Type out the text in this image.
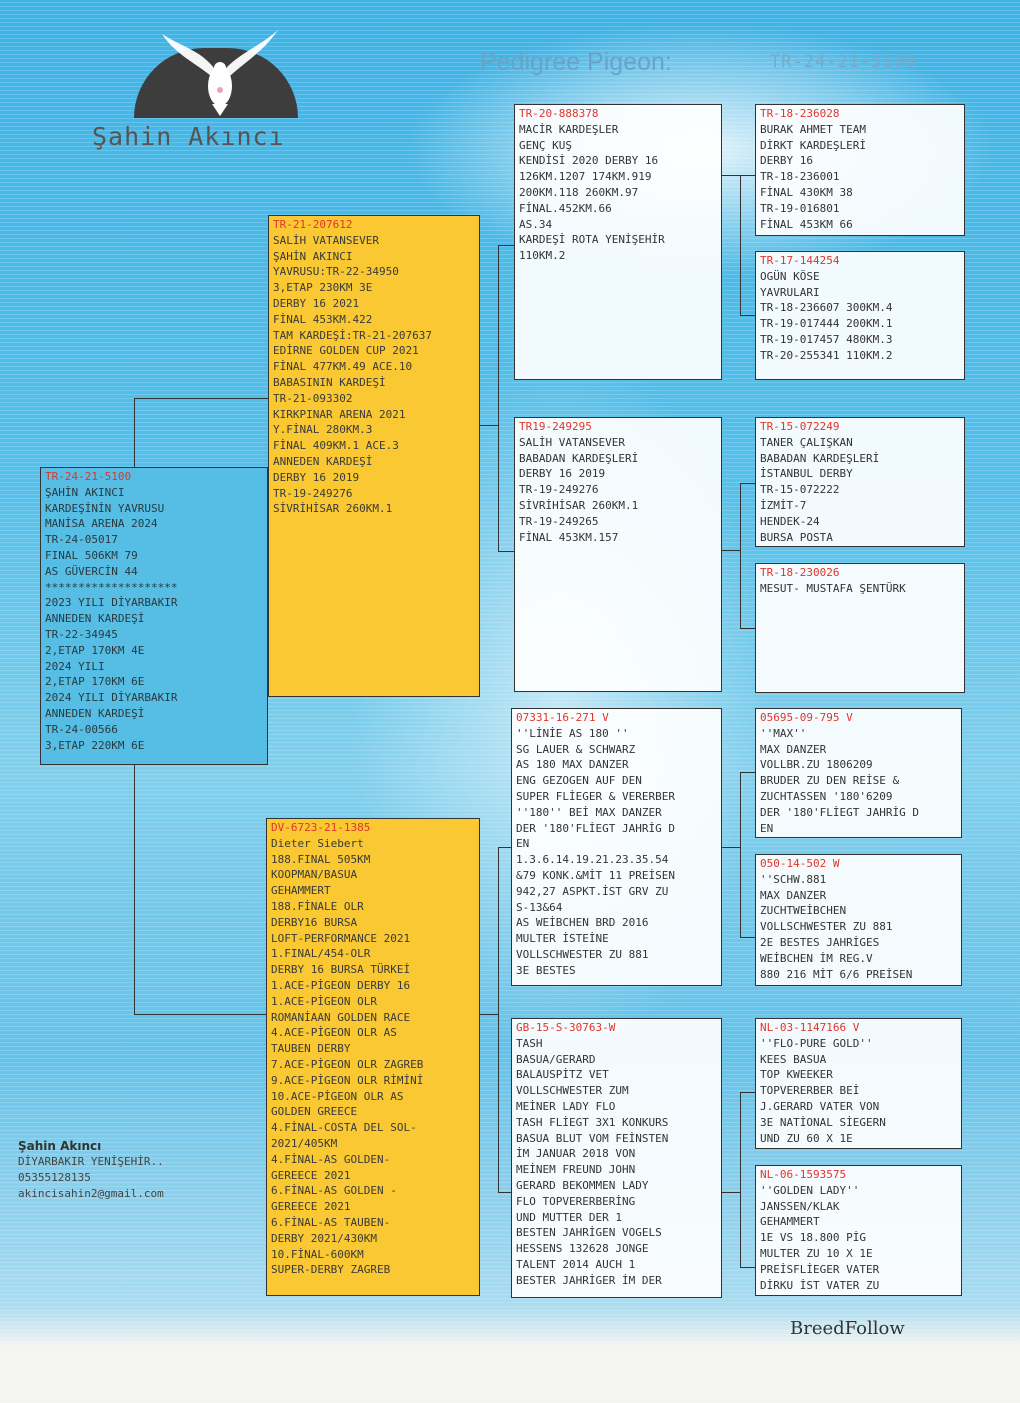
Şahin Akıncı
Pedigree Pigeon:	TR-24-21-5100
TR-24-21-5100
ŞAHİN AKINCI
KARDEŞİNİN YAVRUSU
MANİSA ARENA 2024
TR-24-05017
FINAL 506KM 79
AS GÜVERCİN 44
********************
2023 YILI DİYARBAKIR
ANNEDEN KARDEŞİ
TR-22-34945
2,ETAP 170KM 4E
2024 YILI
2,ETAP 170KM 6E
2024 YILI DİYARBAKIR
ANNEDEN KARDEŞİ
TR-24-00566
3,ETAP 220KM 6E
TR-21-207612
SALİH VATANSEVER
ŞAHİN AKINCI
YAVRUSU:TR-22-34950
3,ETAP 230KM 3E
DERBY 16 2021
FİNAL 453KM.422
TAM KARDEŞİ:TR-21-207637
EDİRNE GOLDEN CUP 2021
FİNAL 477KM.49 ACE.10
BABASININ KARDEŞİ
TR-21-093302
KIRKPINAR ARENA 2021
Y.FİNAL 280KM.3
FİNAL 409KM.1 ACE.3
ANNEDEN KARDEŞİ
DERBY 16 2019
TR-19-249276
SİVRİHİSAR 260KM.1
DV-6723-21-1385
Dieter Siebert
188.FINAL 505KM
KOOPMAN/BASUA
GEHAMMERT
188.FİNALE OLR
DERBY16 BURSA
LOFT-PERFORMANCE 2021
1.FINAL/454-OLR
DERBY 16 BURSA TÜRKEİ
1.ACE-PİGEON DERBY 16
1.ACE-PİGEON OLR
ROMANİAAN GOLDEN RACE
4.ACE-PİGEON OLR AS
TAUBEN DERBY
7.ACE-PİGEON OLR ZAGREB
9.ACE-PİGEON OLR RİMİNİ
10.ACE-PİGEON OLR AS
GOLDEN GREECE
4.FİNAL-COSTA DEL SOL-
2021/405KM
4.FİNAL-AS GOLDEN-
GEREECE 2021
6.FİNAL-AS GOLDEN -
GEREECE 2021
6.FİNAL-AS TAUBEN-
DERBY 2021/430KM
10.FİNAL-600KM
SUPER-DERBY ZAGREB
TR-20-888378
MACİR KARDEŞLER
GENÇ KUŞ
KENDİSİ 2020 DERBY 16
126KM.1207 174KM.919
200KM.118 260KM.97
FİNAL.452KM.66
AS.34
KARDEŞİ ROTA YENİŞEHİR
110KM.2
TR19-249295
SALİH VATANSEVER
BABADAN KARDEŞLERİ
DERBY 16 2019
TR-19-249276
SİVRİHİSAR 260KM.1
TR-19-249265
FİNAL 453KM.157
07331-16-271 V
''LİNİE AS 180 ''
SG LAUER & SCHWARZ
AS 180 MAX DANZER
ENG GEZOGEN AUF DEN
SUPER FLİEGER & VERERBER
''180'' BEİ MAX DANZER
DER '180'FLİEGT JAHRİG D
EN
1.3.6.14.19.21.23.35.54
&79 KONK.&MİT 11 PREİSEN
942,27 ASPKT.İST GRV ZU
S-13&64
AS WEİBCHEN BRD 2016
MULTER İSTEİNE
VOLLSCHWESTER ZU 881
3E BESTES
GB-15-S-30763-W
TASH
BASUA/GERARD
BALAUSPİTZ VET
VOLLSCHWESTER ZUM
MEİNER LADY FLO
TASH FLİEGT 3X1 KONKURS
BASUA BLUT VOM FEİNSTEN
İM JANUAR 2018 VON
MEİNEM FREUND JOHN
GERARD BEKOMMEN LADY
FLO TOPVERERBERİNG
UND MUTTER DER 1
BESTEN JAHRİGEN VOGELS
HESSENS 132628 JONGE
TALENT 2014 AUCH 1
BESTER JAHRİGER İM DER
TR-18-236028
BURAK AHMET TEAM
DİRKT KARDEŞLERİ
DERBY 16
TR-18-236001
FİNAL 430KM 38
TR-19-016801
FİNAL 453KM 66
TR-17-144254
OGÜN KÖSE
YAVRULARI
TR-18-236607 300KM.4
TR-19-017444 200KM.1
TR-19-017457 480KM.3
TR-20-255341 110KM.2
TR-15-072249
TANER ÇALIŞKAN
BABADAN KARDEŞLERİ
İSTANBUL DERBY
TR-15-072222
İZMİT-7
HENDEK-24
BURSA POSTA
TR-18-230026
MESUT- MUSTAFA ŞENTÜRK
05695-09-795 V
''MAX''
MAX DANZER
VOLLBR.ZU 1806209
BRUDER ZU DEN REİSE &
ZUCHTASSEN '180'6209
DER '180'FLİEGT JAHRİG D
EN
050-14-502 W
''SCHW.881
MAX DANZER
ZUCHTWEİBCHEN
VOLLSCHWESTER ZU 881
2E BESTES JAHRİGES
WEİBCHEN İM REG.V
880 216 MİT 6/6 PREİSEN
NL-03-1147166 V
''FLO-PURE GOLD''
KEES BASUA
TOP KWEEKER
TOPVERERBER BEİ
J.GERARD VATER VON
3E NATİONAL SİEGERN
UND ZU 60 X 1E
NL-06-1593575
''GOLDEN LADY''
JANSSEN/KLAK
GEHAMMERT
1E VS 18.800 PİG
MULTER ZU 10 X 1E
PREİSFLİEGER VATER
DİRKU İST VATER ZU
Şahin Akıncı
DİYARBAKIR YENİŞEHİR..
05355128135
akincisahin2@gmail.com
BreedFollow
